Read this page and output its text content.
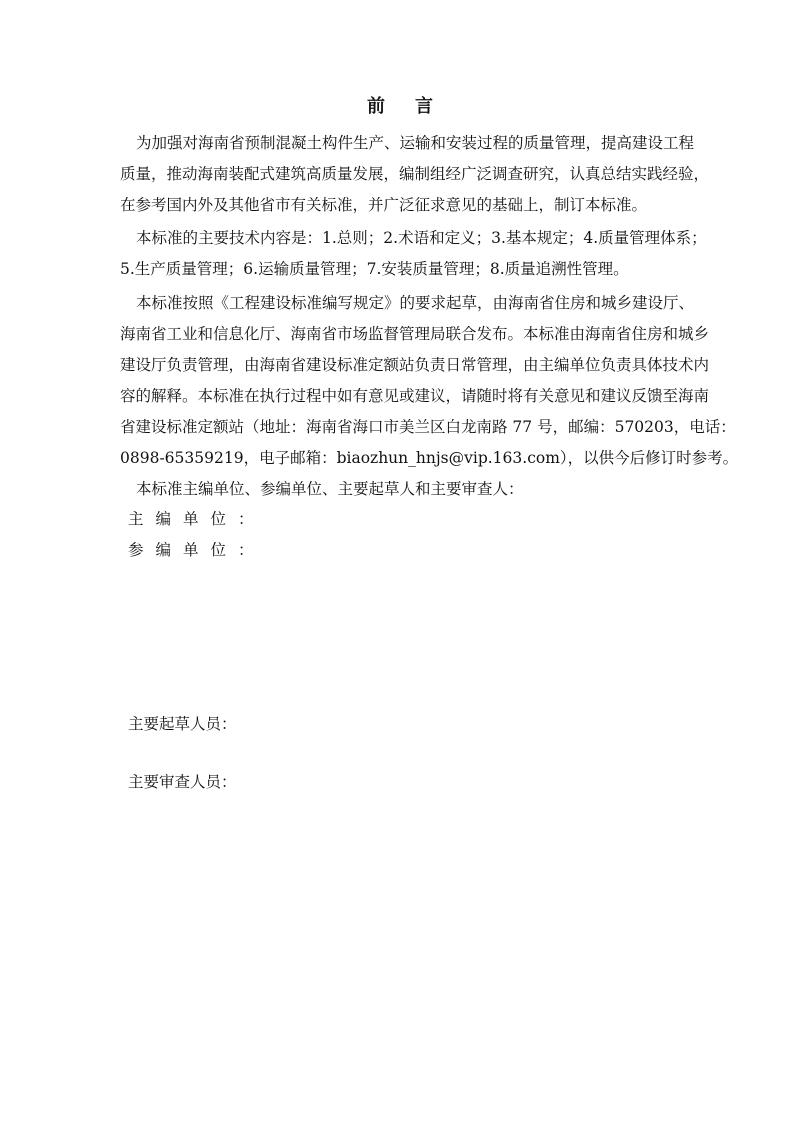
前言
为加强对海南省预制混凝土构件生产、运输和安装过程的质量管理，提高建设工程
质量，推动海南装配式建筑高质量发展，编制组经广泛调查研究，认真总结实践经验，
在参考国内外及其他省市有关标准，并广泛征求意见的基础上，制订本标准。
本标准的主要技术内容是：1.总则；2.术语和定义；3.基本规定；4.质量管理体系；
5.生产质量管理；6.运输质量管理；7.安装质量管理；8.质量追溯性管理。
本标准按照《工程建设标准编写规定》的要求起草，由海南省住房和城乡建设厅、
海南省工业和信息化厅、海南省市场监督管理局联合发布。本标准由海南省住房和城乡
建设厅负责管理，由海南省建设标准定额站负责日常管理，由主编单位负责具体技术内
容的解释。本标准在执行过程中如有意见或建议，请随时将有关意见和建议反馈至海南
省建设标准定额站（地址：海南省海口市美兰区白龙南路 77 号，邮编：570203，电话：
0898-65359219，电子邮箱：biaozhun_hnjs@vip.163.com），以供今后修订时参考。
本标准主编单位、参编单位、主要起草人和主要审查人：
主编单位：
参编单位：
主要起草人员：
主要审查人员：
